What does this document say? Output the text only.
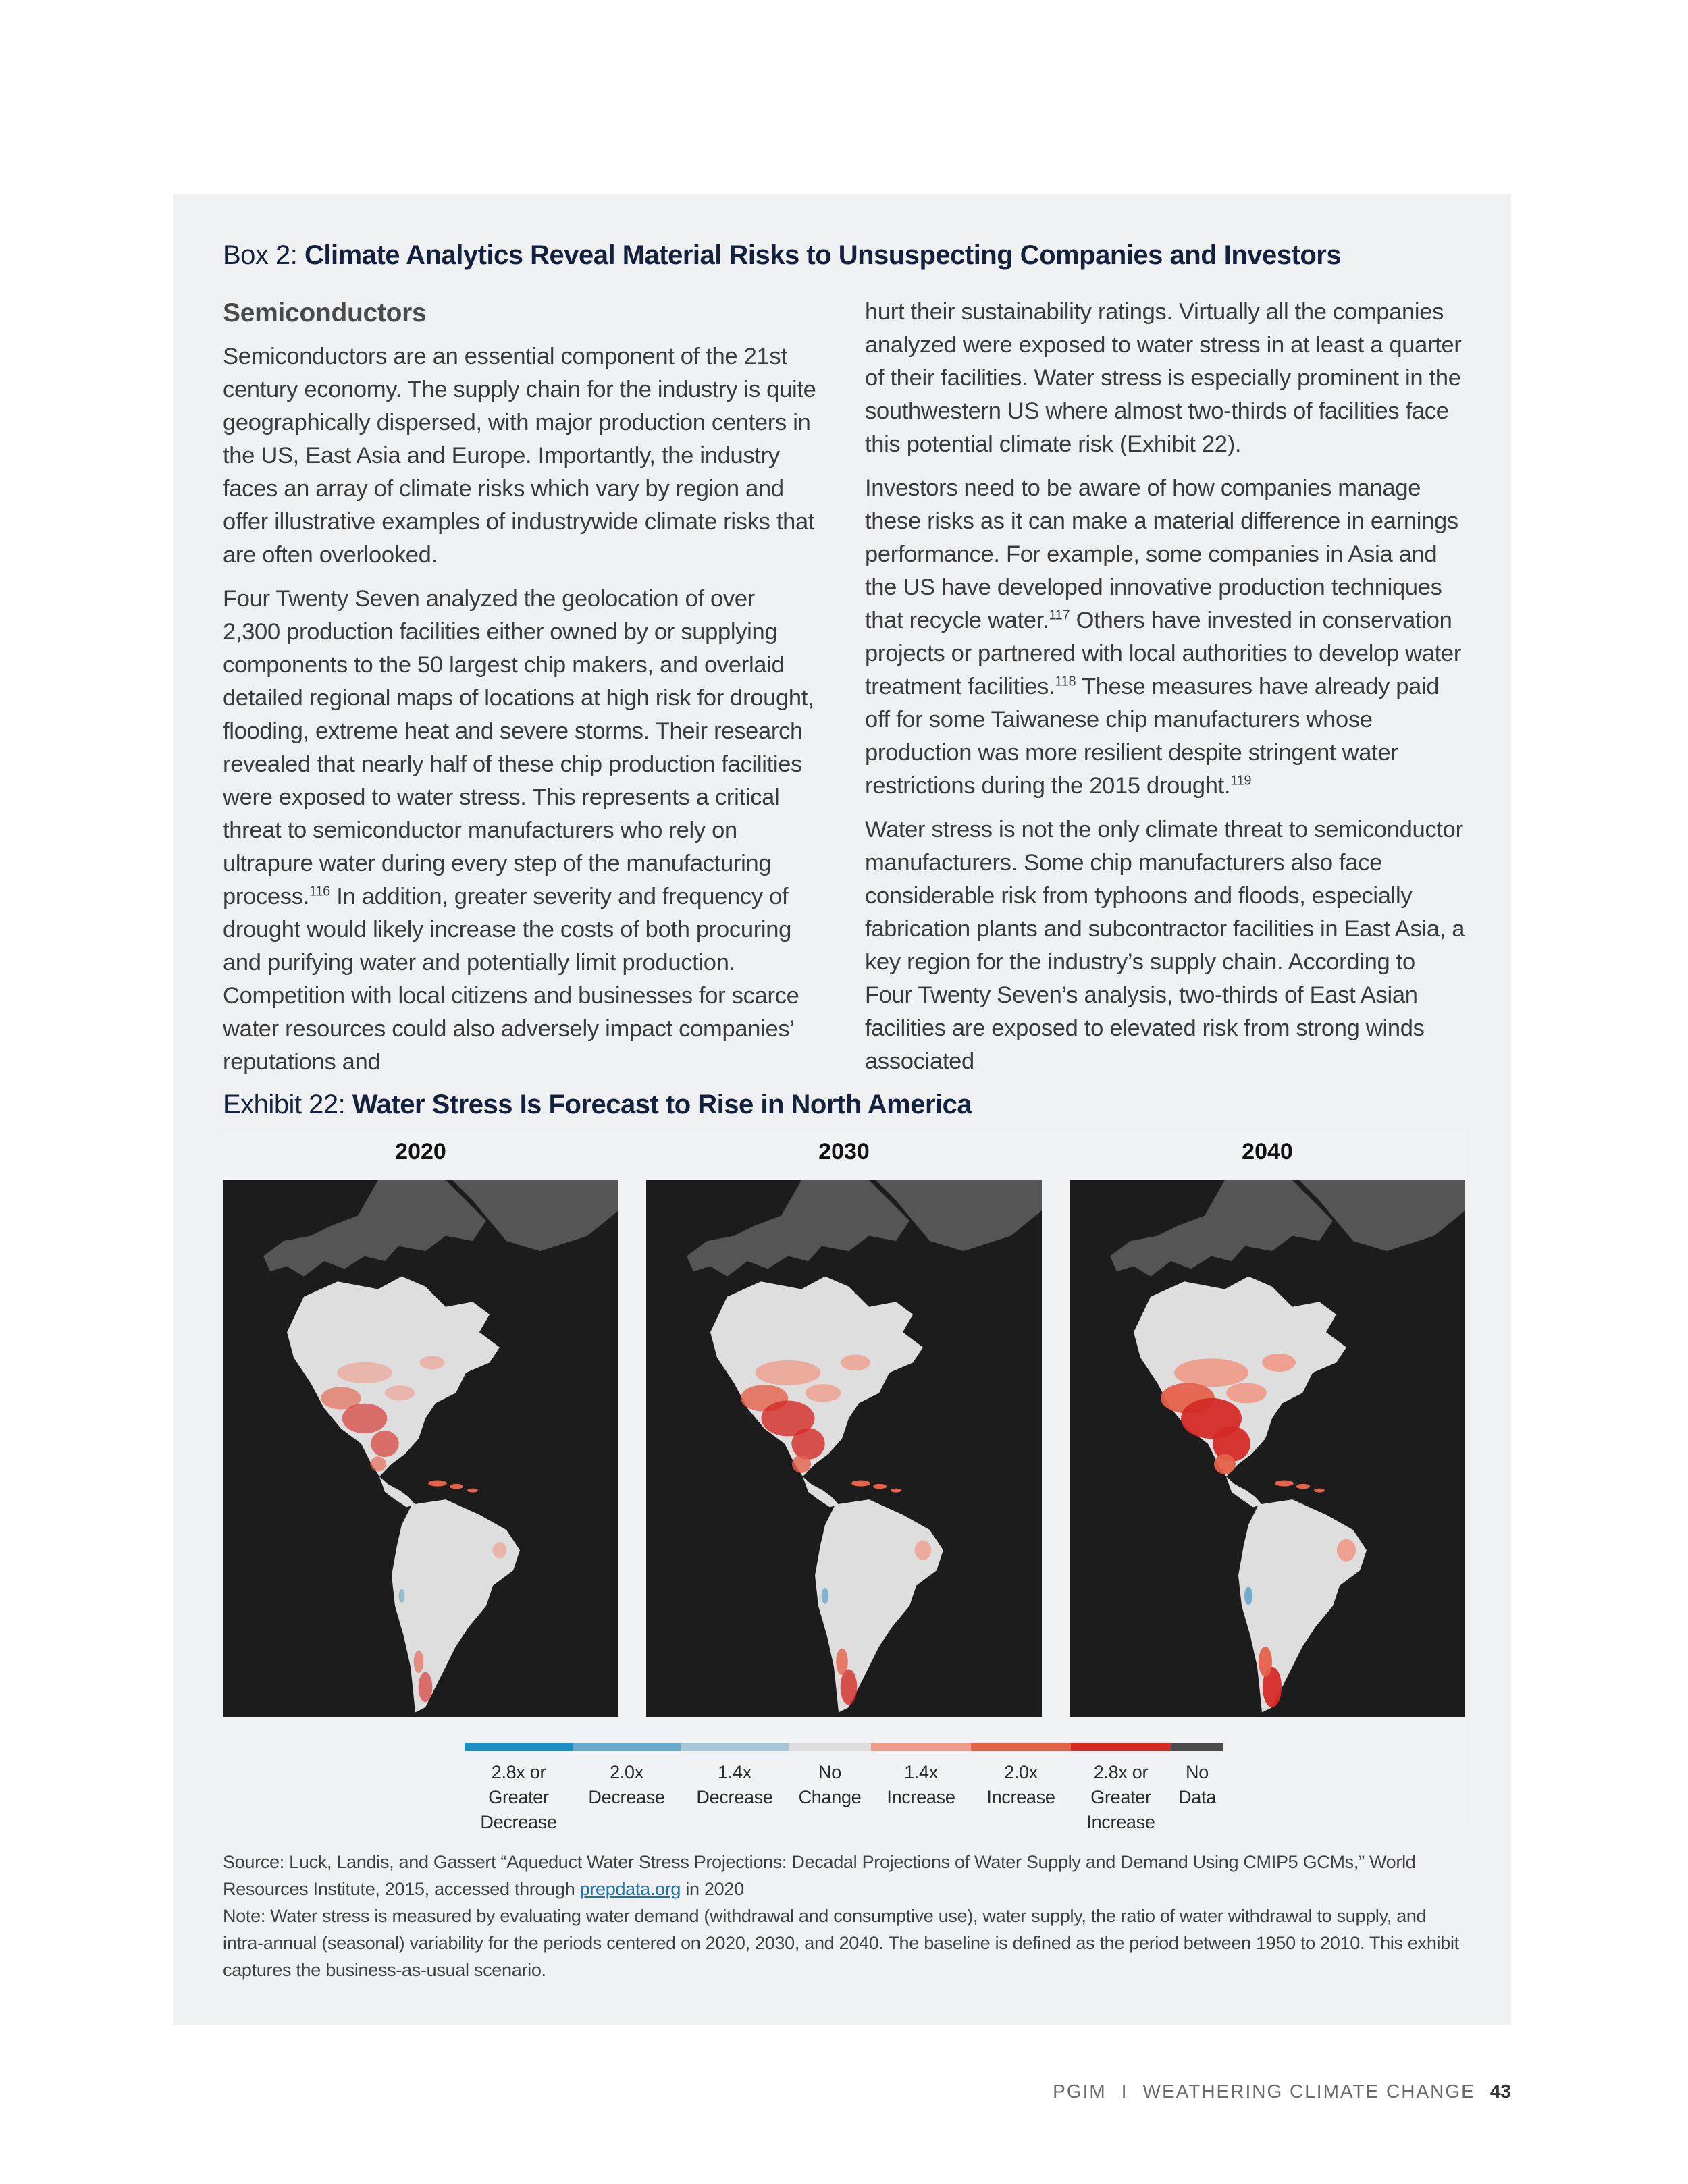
Box 2: Climate Analytics Reveal Material Risks to Unsuspecting Companies and Investors
Semiconductors

Semiconductors are an essential component of the 21st century economy. The supply chain for the industry is quite geographically dispersed, with major production centers in the US, East Asia and Europe. Importantly, the industry faces an array of climate risks which vary by region and offer illustrative examples of industrywide climate risks that are often overlooked.

Four Twenty Seven analyzed the geolocation of over 2,300 production facilities either owned by or supplying components to the 50 largest chip makers, and overlaid detailed regional maps of locations at high risk for drought, flooding, extreme heat and severe storms. Their research revealed that nearly half of these chip production facilities were exposed to water stress. This represents a critical threat to semiconductor manufacturers who rely on ultrapure water during every step of the manufacturing process.$^{116}$ In addition, greater severity and frequency of drought would likely increase the costs of both procuring and purifying water and potentially limit production. Competition with local citizens and businesses for scarce water resources could also adversely impact companies’ reputations and

hurt their sustainability ratings. Virtually all the companies analyzed were exposed to water stress in at least a quarter of their facilities. Water stress is especially prominent in the southwestern US where almost two-thirds of facilities face this potential climate risk (Exhibit 22).

Investors need to be aware of how companies manage these risks as it can make a material difference in earnings performance. For example, some companies in Asia and the US have developed innovative production techniques that recycle water.$^{117}$ Others have invested in conservation projects or partnered with local authorities to develop water treatment facilities.$^{118}$ These measures have already paid off for some Taiwanese chip manufacturers whose production was more resilient despite stringent water restrictions during the 2015 drought.$^{119}$

Water stress is not the only climate threat to semiconductor manufacturers. Some chip manufacturers also face considerable risk from typhoons and floods, especially fabrication plants and subcontractor facilities in East Asia, a key region for the industry’s supply chain. According to Four Twenty Seven’s analysis, two-thirds of East Asian facilities are exposed to elevated risk from strong winds associated

Exhibit 22: Water Stress Is Forecast to Rise in North America
2020	2030	2040

Source: Luck, Landis, and Gassert “Aqueduct Water Stress Projections: Decadal Projections of Water Supply and Demand Using CMIP5 GCMs,” World Resources Institute, 2015, accessed through prepdata.org in 2020

Note: Water stress is measured by evaluating water demand (withdrawal and consumptive use), water supply, the ratio of water withdrawal to supply, and intra-annual (seasonal) variability for the periods centered on 2020, 2030, and 2040. The baseline is defined as the period between 1950 to 2010. This exhibit captures the business-as-usual scenario.

2.8x or Greater Decrease
2.0x Decrease
1.4x Decrease
No Change
1.4x Increase
2.0x Increase
2.8x or Greater Increase
No Data
PGIM I WEATHERING CLIMATE CHANGE 43
